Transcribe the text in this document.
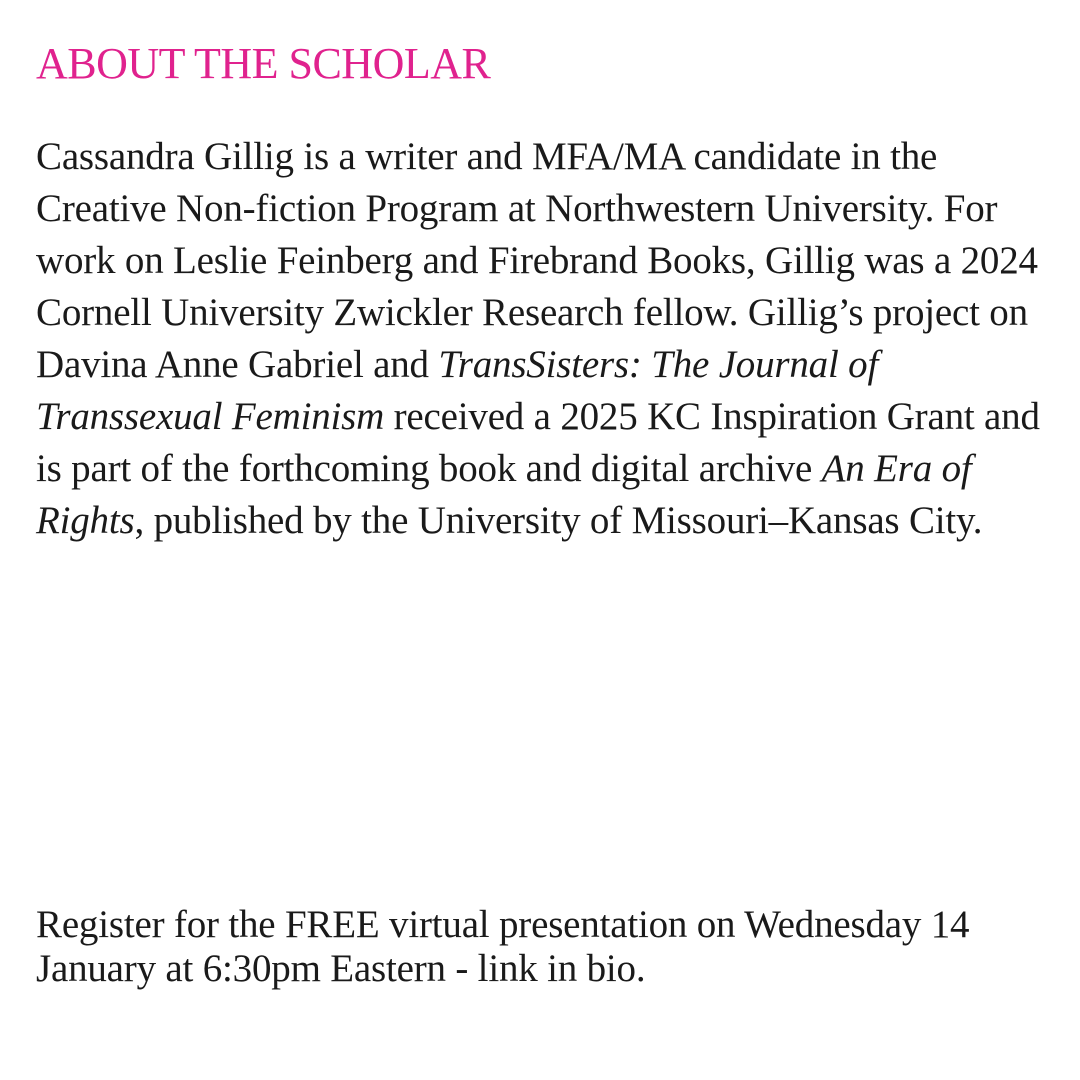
ABOUT THE SCHOLAR

Cassandra Gillig is a writer and MFA/MA candidate in the Creative Non-fiction Program at Northwestern University. For work on Leslie Feinberg and Firebrand Books, Gillig was a 2024 Cornell University Zwickler Research fellow. Gillig’s project on Davina Anne Gabriel and TransSisters: The Journal of Transsexual Feminism received a 2025 KC Inspiration Grant and is part of the forthcoming book and digital archive An Era of Rights, published by the University of Missouri–Kansas City.

Register for the FREE virtual presentation on Wednesday 14 January at 6:30pm Eastern - link in bio.
